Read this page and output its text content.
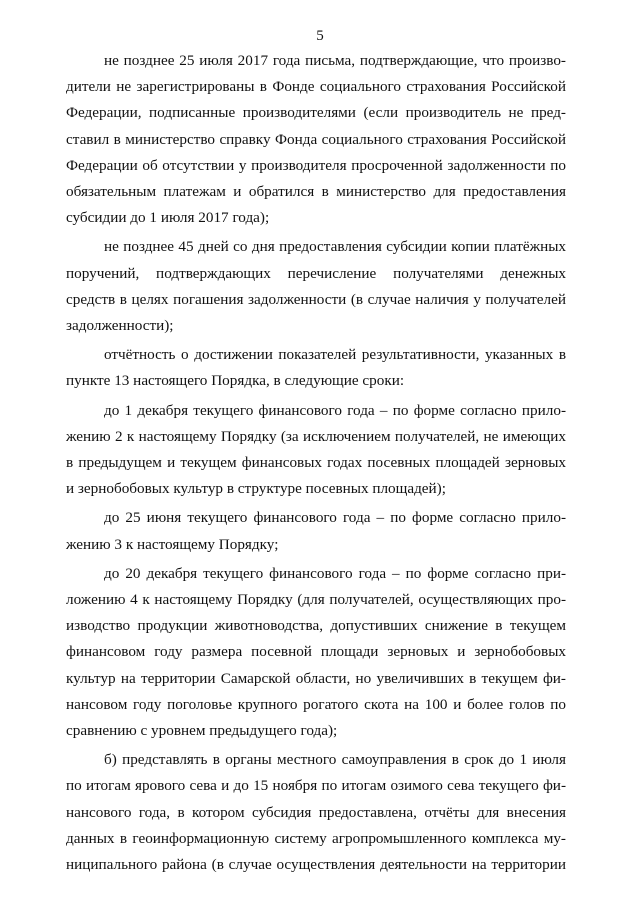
5
не позднее 25 июля 2017 года письма, подтверждающие, что произво-
дители не зарегистрированы в Фонде социального страхования Российской
Федерации, подписанные производителями (если производитель не пред-
ставил в министерство справку Фонда социального страхования Российской
Федерации об отсутствии у производителя просроченной задолженности по
обязательным платежам и обратился в министерство для предоставления
субсидии до 1 июля 2017 года);
не позднее 45 дней со дня предоставления субсидии копии платёжных
поручений, подтверждающих перечисление получателями денежных
средств в целях погашения задолженности (в случае наличия у получателей
задолженности);
отчётность о достижении показателей результативности, указанных в
пункте 13 настоящего Порядка, в следующие сроки:
до 1 декабря текущего финансового года – по форме согласно прило-
жению 2 к настоящему Порядку (за исключением получателей, не имеющих
в предыдущем и текущем финансовых годах посевных площадей зерновых
и зернобобовых культур в структуре посевных площадей);
до 25 июня текущего финансового года – по форме согласно прило-
жению 3 к настоящему Порядку;
до 20 декабря текущего финансового года – по форме согласно при-
ложению 4 к настоящему Порядку (для получателей, осуществляющих про-
изводство продукции животноводства, допустивших снижение в текущем
финансовом году размера посевной площади зерновых и зернобобовых
культур на территории Самарской области, но увеличивших в текущем фи-
нансовом году поголовье крупного рогатого скота на 100 и более голов по
сравнению с уровнем предыдущего года);
б) представлять в органы местного самоуправления в срок до 1 июля
по итогам ярового сева и до 15 ноября по итогам озимого сева текущего фи-
нансового года, в котором субсидия предоставлена, отчёты для внесения
данных в геоинформационную систему агропромышленного комплекса му-
ниципального района (в случае осуществления деятельности на территории
